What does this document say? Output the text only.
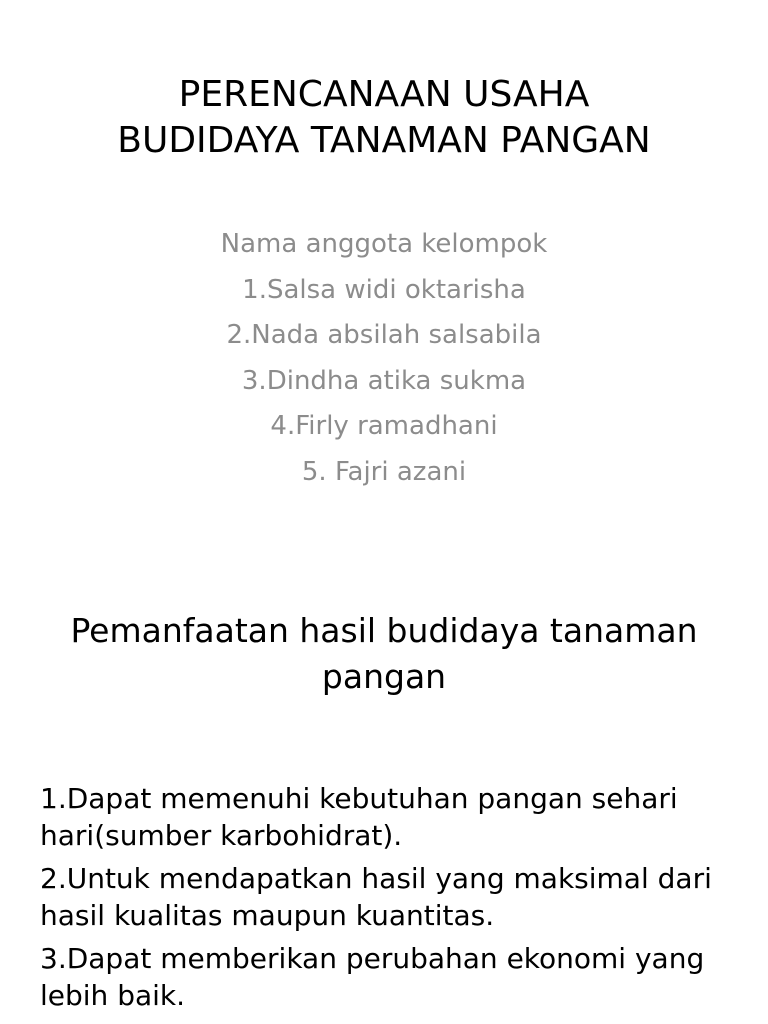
PERENCANAAN USAHA
BUDIDAYA TANAMAN PANGAN
Nama anggota kelompok
1.Salsa widi oktarisha
2.Nada absilah salsabila
3.Dindha atika sukma
4.Firly ramadhani
5. Fajri azani
Pemanfaatan hasil budidaya tanaman
pangan
1.Dapat memenuhi kebutuhan pangan sehari
hari(sumber karbohidrat).
2.Untuk mendapatkan hasil yang maksimal dari
hasil kualitas maupun kuantitas.
3.Dapat memberikan perubahan ekonomi yang
lebih baik.
